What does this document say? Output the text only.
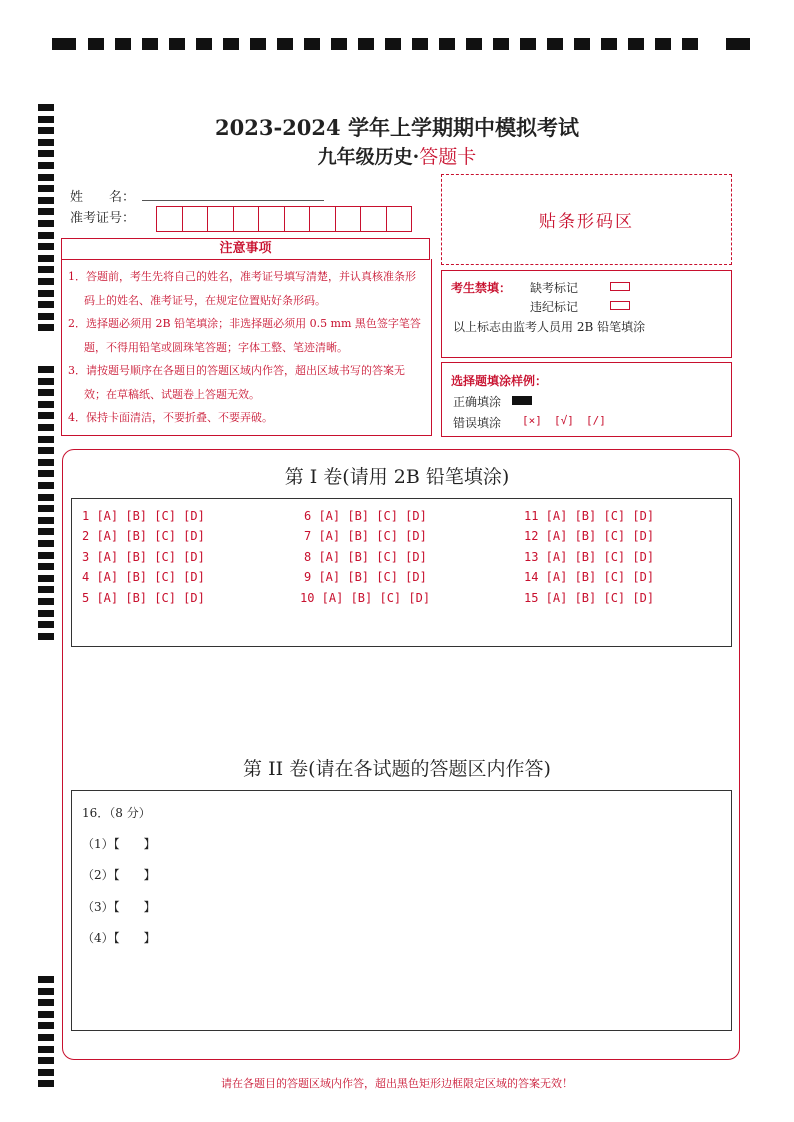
2023-2024 学年上学期期中模拟考试
九年级历史·答题卡
姓　　名：
准考证号：	贴条形码区
注意事项

1．答题前，考生先将自己的姓名，准考证号填写清楚，并认真核准条形码上的姓名、准考证号，在规定位置贴好条形码。

2．选择题必须用 2B 铅笔填涂；非选择题必须用 0.5 mm 黑色签字笔答题，不得用铅笔或圆珠笔答题；字体工整、笔迹清晰。

3．请按题号顺序在各题目的答题区域内作答，超出区域书写的答案无效；在草稿纸、试题卷上答题无效。

4．保持卡面清洁，不要折叠、不要弄破。

考生禁填： 缺考标记
违纪标记
以上标志由监考人员用 2B 铅笔填涂
选择题填涂样例：
正确填涂
错误填涂 [×] [√] [/]
第 I 卷(请用 2B 铅笔填涂)
1 [A] [B] [C] [D]
2 [A] [B] [C] [D]
3 [A] [B] [C] [D]
4 [A] [B] [C] [D]
5 [A] [B] [C] [D]
6 [A] [B] [C] [D]
7 [A] [B] [C] [D]
8 [A] [B] [C] [D]
9 [A] [B] [C] [D]
10 [A] [B] [C] [D]
11 [A] [B] [C] [D]
12 [A] [B] [C] [D]
13 [A] [B] [C] [D]
14 [A] [B] [C] [D]
15 [A] [B] [C] [D]
第 II 卷(请在各试题的答题区内作答)
16．（8 分）
（1）【　　】
（2）【　　】
（3）【　　】
（4）【　　】
请在各题目的答题区域内作答，超出黑色矩形边框限定区域的答案无效！
